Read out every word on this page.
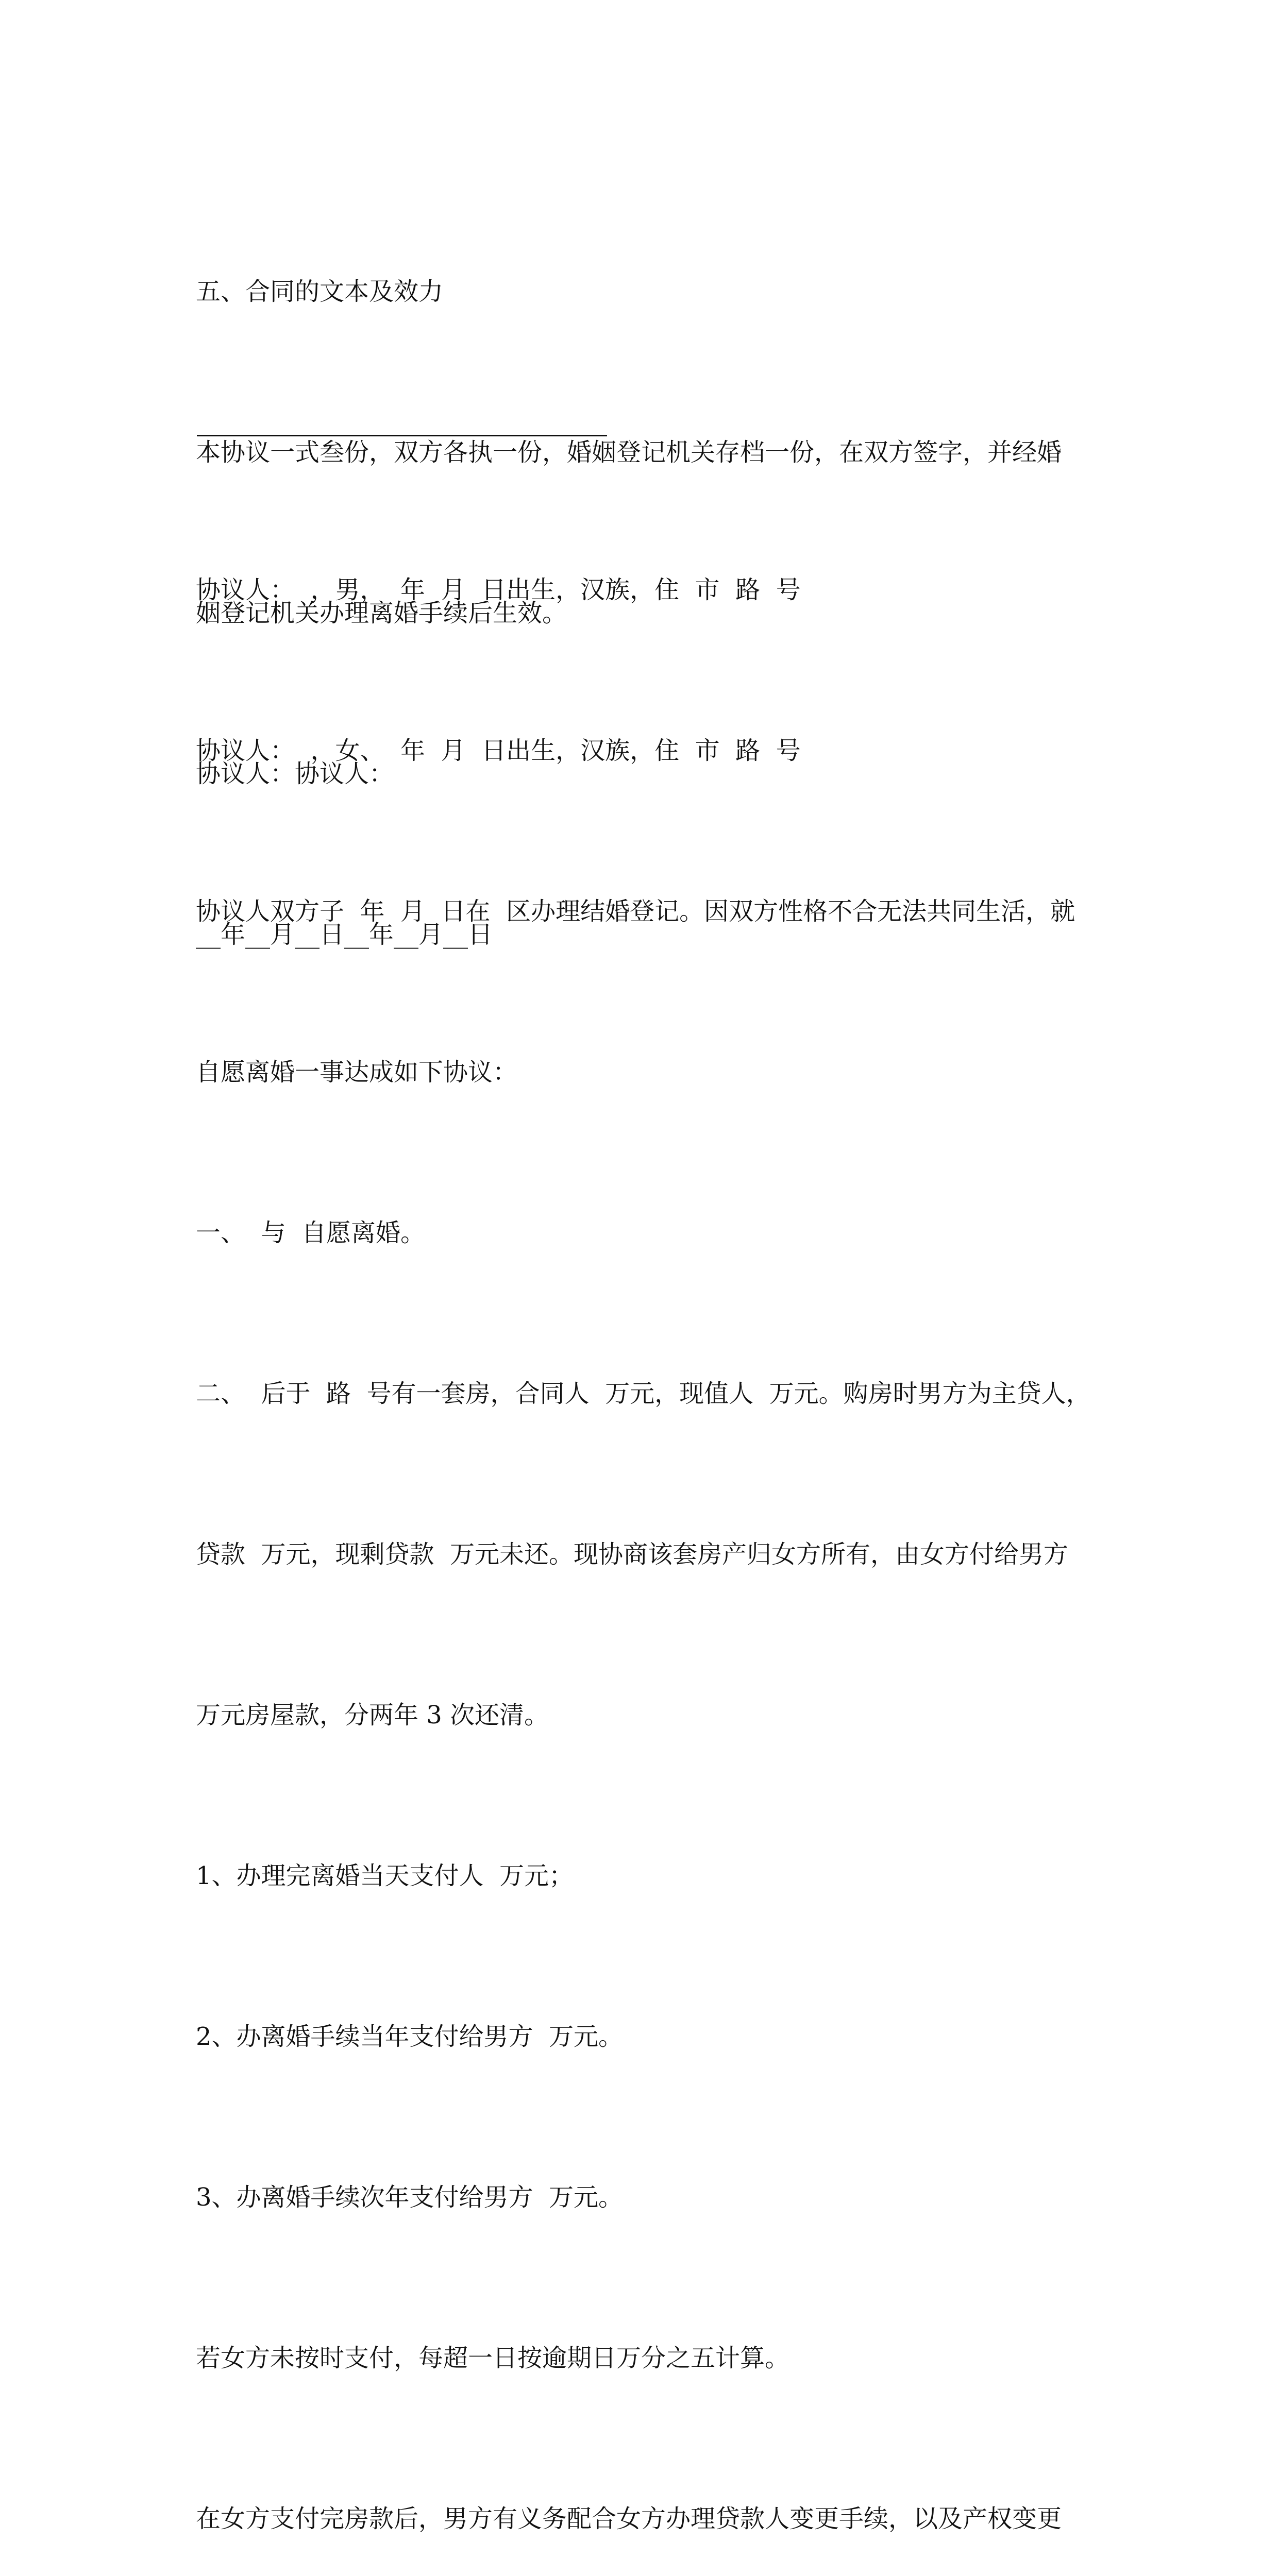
五、合同的文本及效力

本协议一式叁份，双方各执一份，婚姻登记机关存档一份，在双方签字，并经婚

姻登记机关办理离婚手续后生效。

协议人：协议人：

__年__月__日__年__月__日

协议人：  ，男，  年  月  日出生，汉族，住  市  路  号

协议人：  ，女、  年  月  日出生，汉族，住  市  路  号

协议人双方子  年  月  日在  区办理结婚登记。因双方性格不合无法共同生活，就

自愿离婚一事达成如下协议：

一、  与  自愿离婚。

二、  后于  路  号有一套房，合同人  万元，现值人  万元。购房时男方为主贷人，

贷款  万元，现剩贷款  万元未还。现协商该套房产归女方所有，由女方付给男方

万元房屋款，分两年 3 次还清。

1、办理完离婚当天支付人  万元；

2、办离婚手续当年支付给男方  万元。

3、办离婚手续次年支付给男方  万元。

若女方未按时支付，每超一日按逾期日万分之五计算。

在女方支付完房款后，男方有义务配合女方办理贷款人变更手续，以及产权变更
